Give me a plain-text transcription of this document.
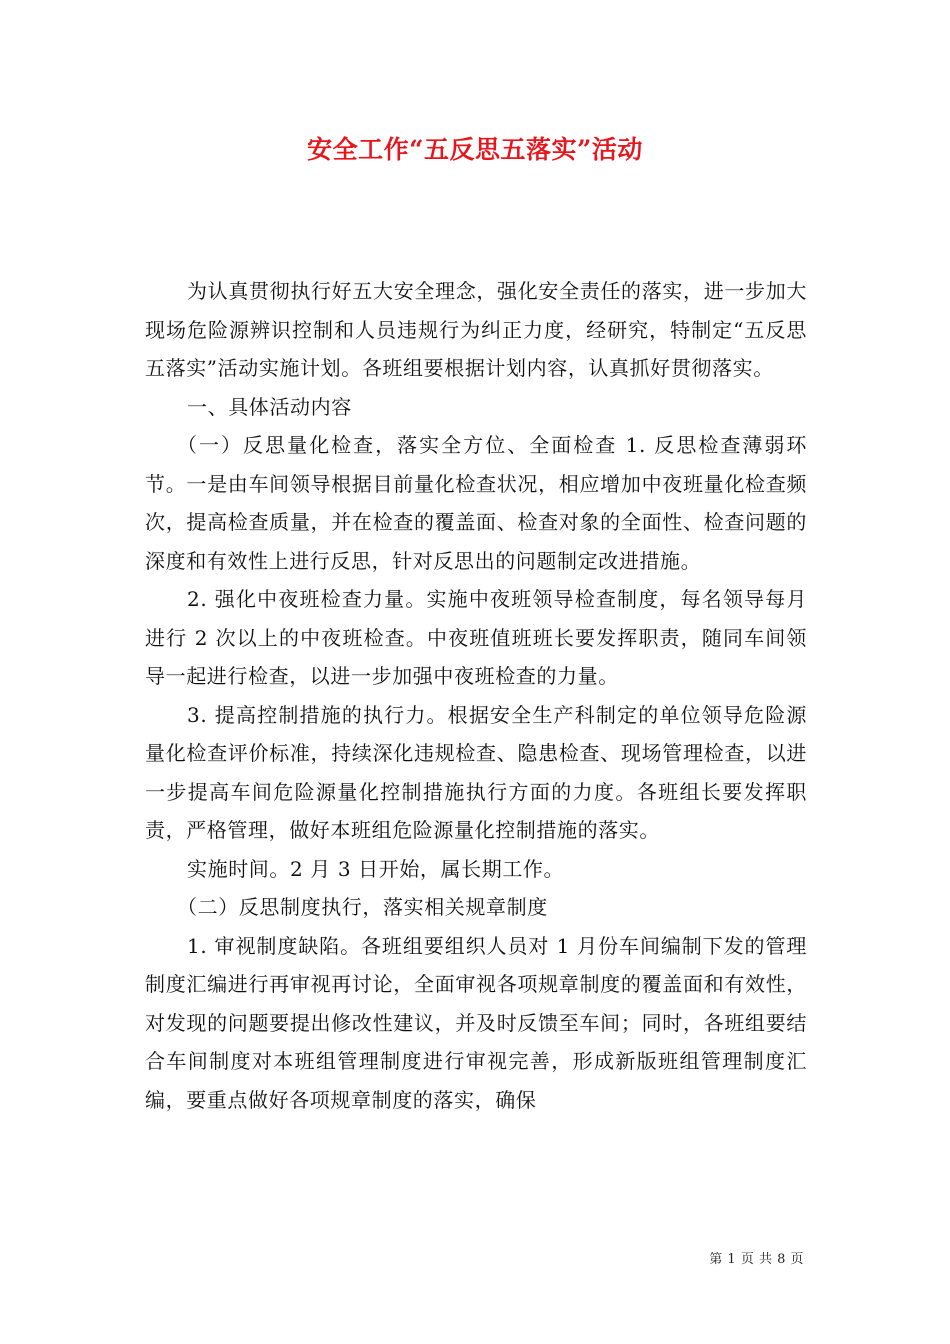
安全工作“五反思五落实”活动

为认真贯彻执行好五大安全理念，强化安全责任的落实，进一步加大现场危险源辨识控制和人员违规行为纠正力度，经研究，特制定“五反思五落实”活动实施计划。各班组要根据计划内容，认真抓好贯彻落实。

一、具体活动内容

（一）反思量化检查，落实全方位、全面检查 1. 反思检查薄弱环节。一是由车间领导根据目前量化检查状况，相应增加中夜班量化检查频次，提高检查质量，并在检查的覆盖面、检查对象的全面性、检查问题的深度和有效性上进行反思，针对反思出的问题制定改进措施。

2. 强化中夜班检查力量。实施中夜班领导检查制度，每名领导每月进行 2 次以上的中夜班检查。中夜班值班班长要发挥职责，随同车间领导一起进行检查，以进一步加强中夜班检查的力量。

3. 提高控制措施的执行力。根据安全生产科制定的单位领导危险源量化检查评价标准，持续深化违规检查、隐患检查、现场管理检查，以进一步提高车间危险源量化控制措施执行方面的力度。各班组长要发挥职责，严格管理，做好本班组危险源量化控制措施的落实。

实施时间。2 月 3 日开始，属长期工作。

（二）反思制度执行，落实相关规章制度

1. 审视制度缺陷。各班组要组织人员对 1 月份车间编制下发的管理制度汇编进行再审视再讨论，全面审视各项规章制度的覆盖面和有效性，对发现的问题要提出修改性建议，并及时反馈至车间；同时，各班组要结合车间制度对本班组管理制度进行审视完善，形成新版班组管理制度汇编，要重点做好各项规章制度的落实，确保

第 1 页 共 8 页
